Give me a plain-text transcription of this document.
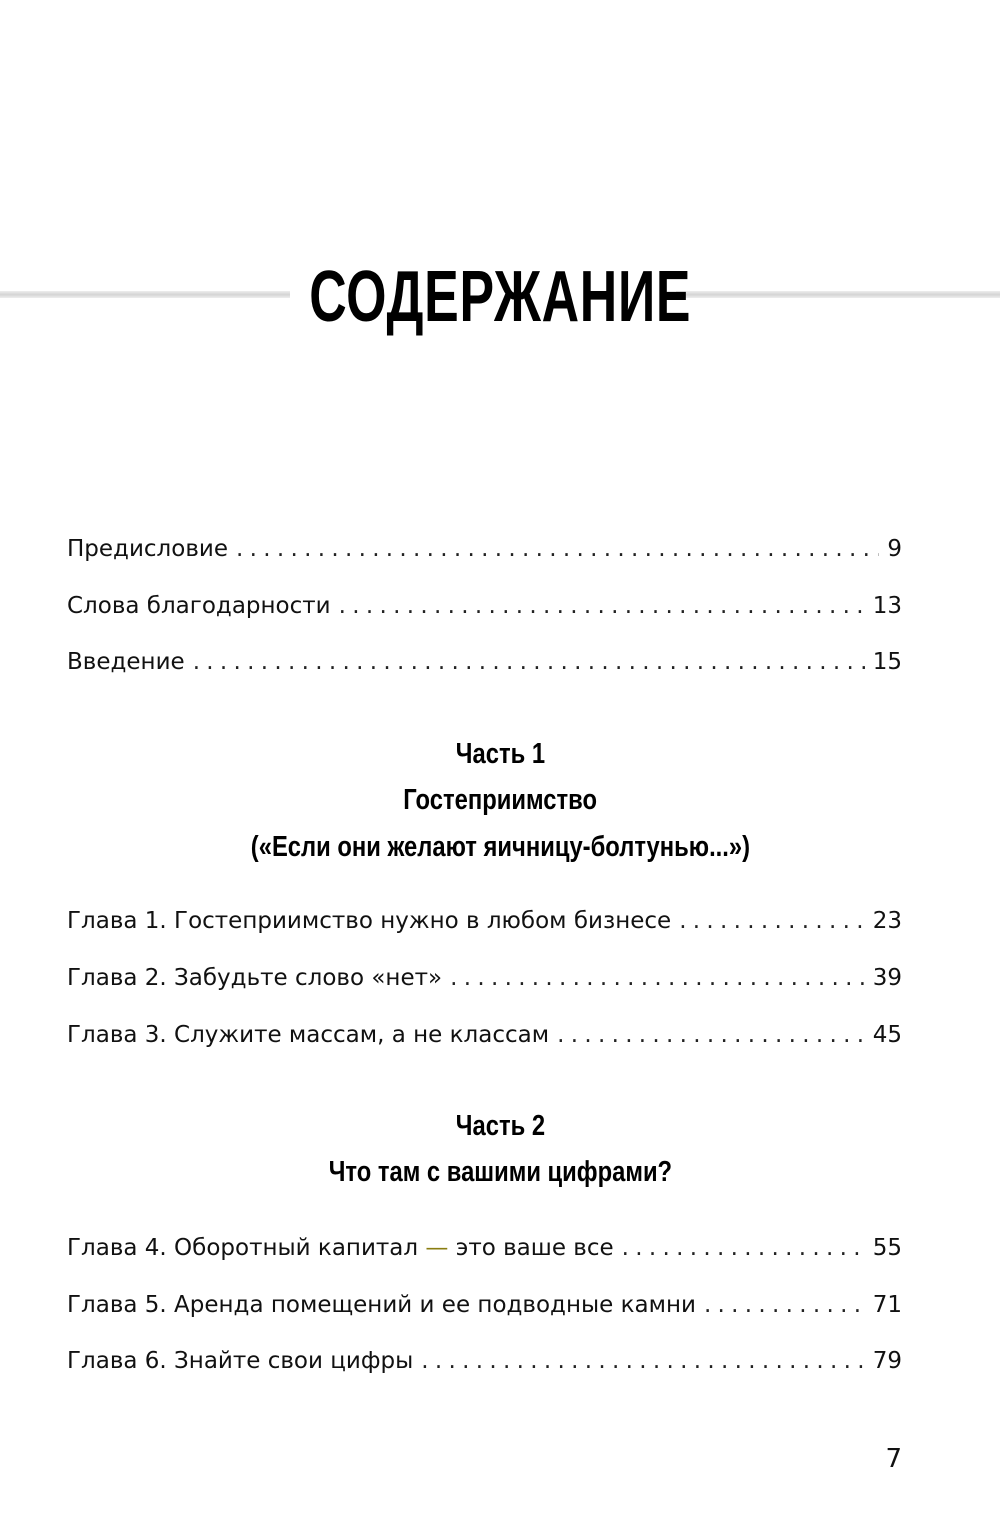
СОДЕРЖАНИЕ
Предисловие . . .	9
Слова благодарности . . .	13
Введение . . .	15
Часть 1
Гостеприимство
(«Если они желают яичницу-болтунью...»)
Глава 1. Гостеприимство нужно в любом бизнесе . . .	23
Глава 2. Забудьте слово «нет» . . .	39
Глава 3. Служите массам, а не классам . . .	45
Часть 2
Что там с вашими цифрами?
Глава 4. Оборотный капитал — это ваше все . . .	55
Глава 5. Аренда помещений и ее подводные камни . . .	71
Глава 6. Знайте свои цифры . . .	79
7
